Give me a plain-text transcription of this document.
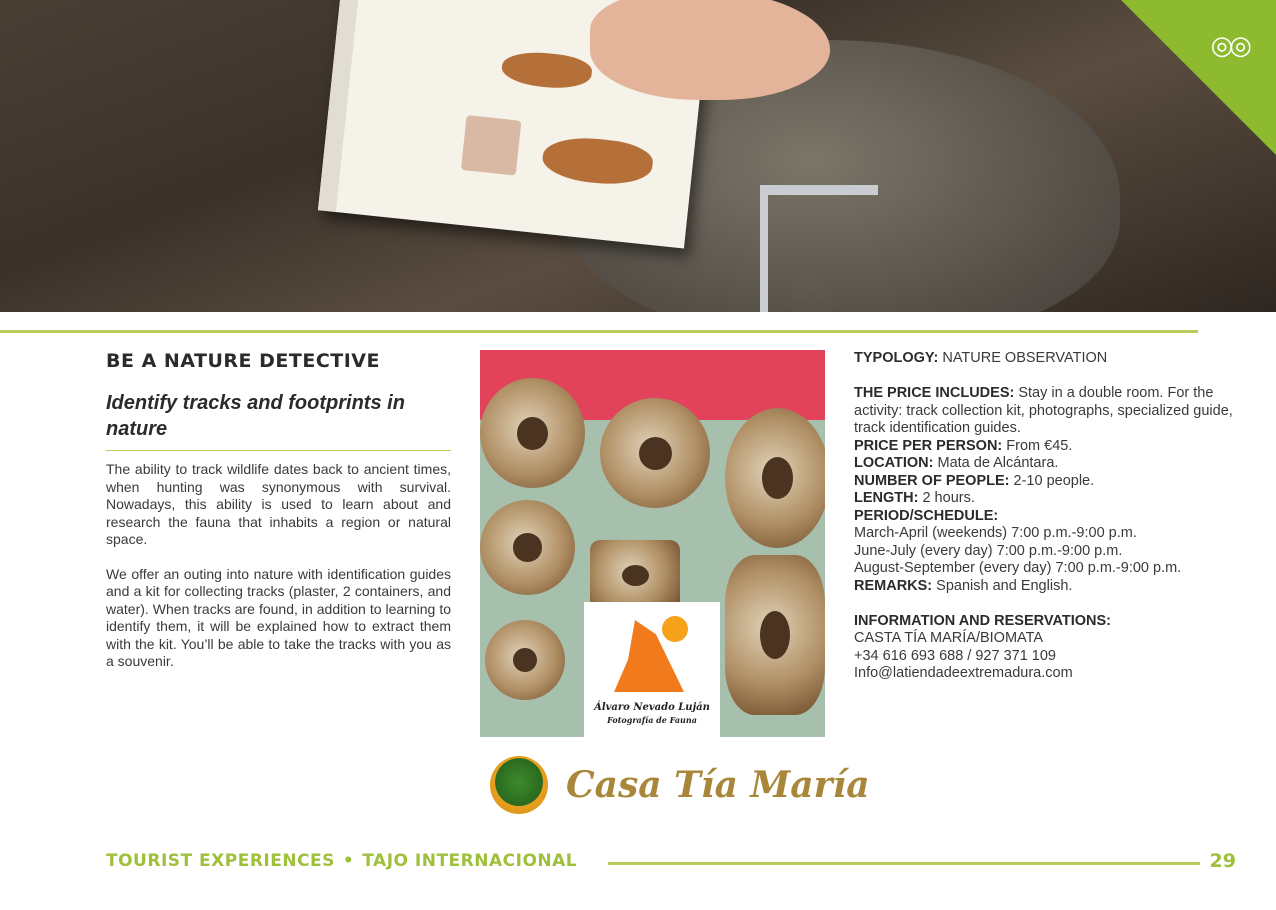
◎◎
BE A NATURE DETECTIVE
Identify tracks and footprints in nature

The ability to track wildlife dates back to ancient times, when hunting was synonymous with survival. Nowadays, this ability is used to learn about and research the fauna that inhabits a region or natural space.

We offer an outing into nature with identification guides and a kit for collecting tracks (plaster, 2 containers, and water). When tracks are found, in addition to learning to identify them, it will be explained how to extract them with the kit. You’ll be able to take the tracks with you as a souvenir.

Álvaro Nevado Luján
Fotografía de Fauna

TYPOLOGY: NATURE OBSERVATION

THE PRICE INCLUDES: Stay in a double room. For the activity: track collection kit, photographs, specialized guide, track identification guides.

PRICE PER PERSON: From €45.

LOCATION: Mata de Alcántara.

NUMBER OF PEOPLE: 2-10 people.

LENGTH: 2 hours.

PERIOD/SCHEDULE:

March-April (weekends) 7:00 p.m.-9:00 p.m.

June-July (every day) 7:00 p.m.-9:00 p.m.

August-September (every day) 7:00 p.m.-9:00 p.m.

REMARKS: Spanish and English.

INFORMATION AND RESERVATIONS:

CASTA TÍA MARÍA/BIOMATA

+34 616 693 688 / 927 371 109

Info@latiendadeextremadura.com

Casa Tía María
TOURIST EXPERIENCES • TAJO INTERNACIONAL	29
